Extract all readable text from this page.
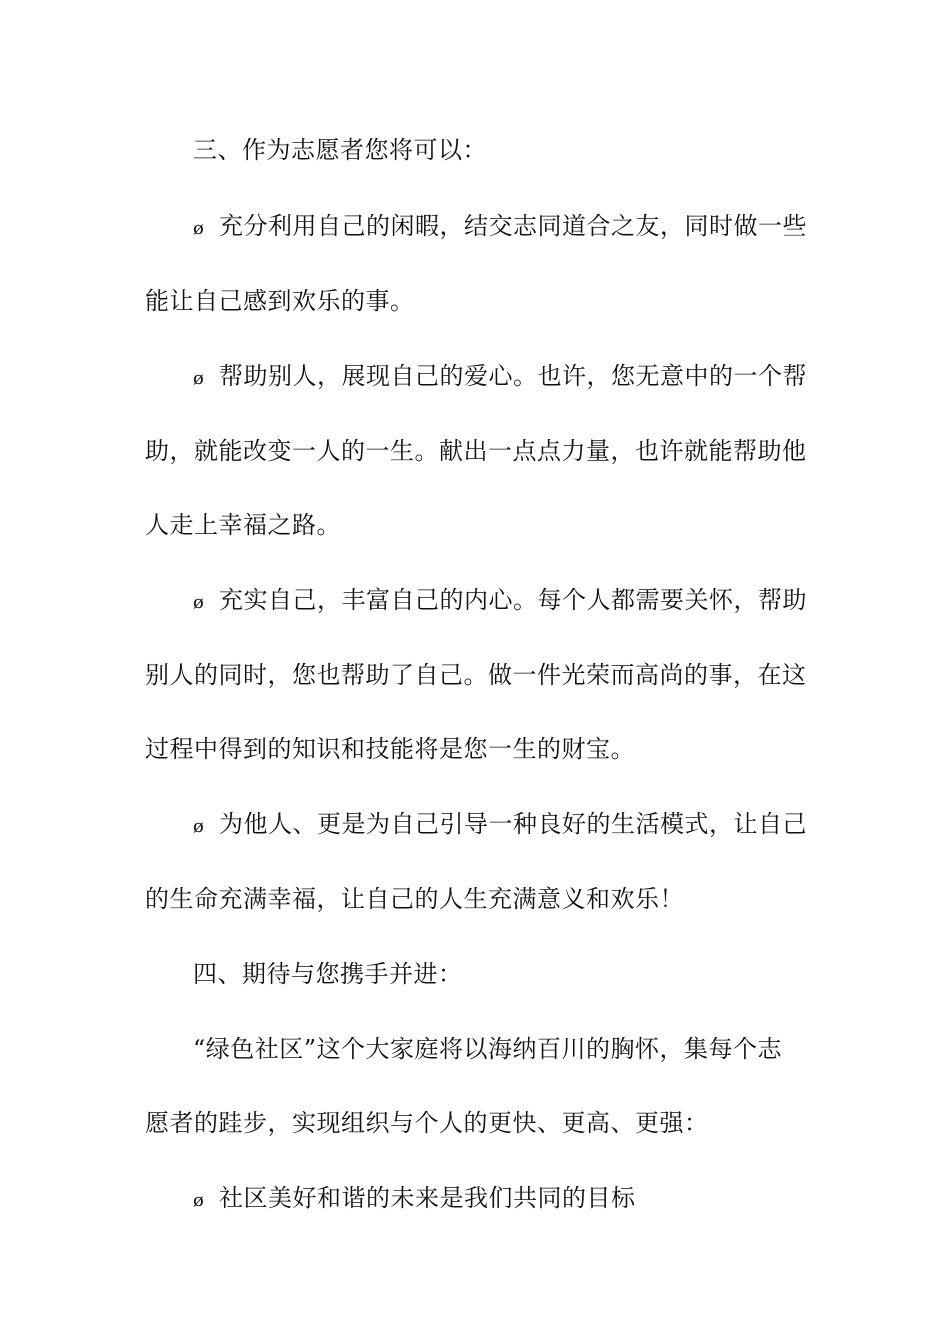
三、作为志愿者您将可以：
ø 充分利用自己的闲暇，结交志同道合之友，同时做一些
能让自己感到欢乐的事。
ø 帮助别人，展现自己的爱心。也许，您无意中的一个帮
助，就能改变一人的一生。献出一点点力量，也许就能帮助他
人走上幸福之路。
ø 充实自己，丰富自己的内心。每个人都需要关怀，帮助
别人的同时，您也帮助了自己。做一件光荣而高尚的事，在这
过程中得到的知识和技能将是您一生的财宝。
ø 为他人、更是为自己引导一种良好的生活模式，让自己
的生命充满幸福，让自己的人生充满意义和欢乐！
四、期待与您携手并进：
“绿色社区”这个大家庭将以海纳百川的胸怀，集每个志
愿者的跬步，实现组织与个人的更快、更高、更强：
ø 社区美好和谐的未来是我们共同的目标
